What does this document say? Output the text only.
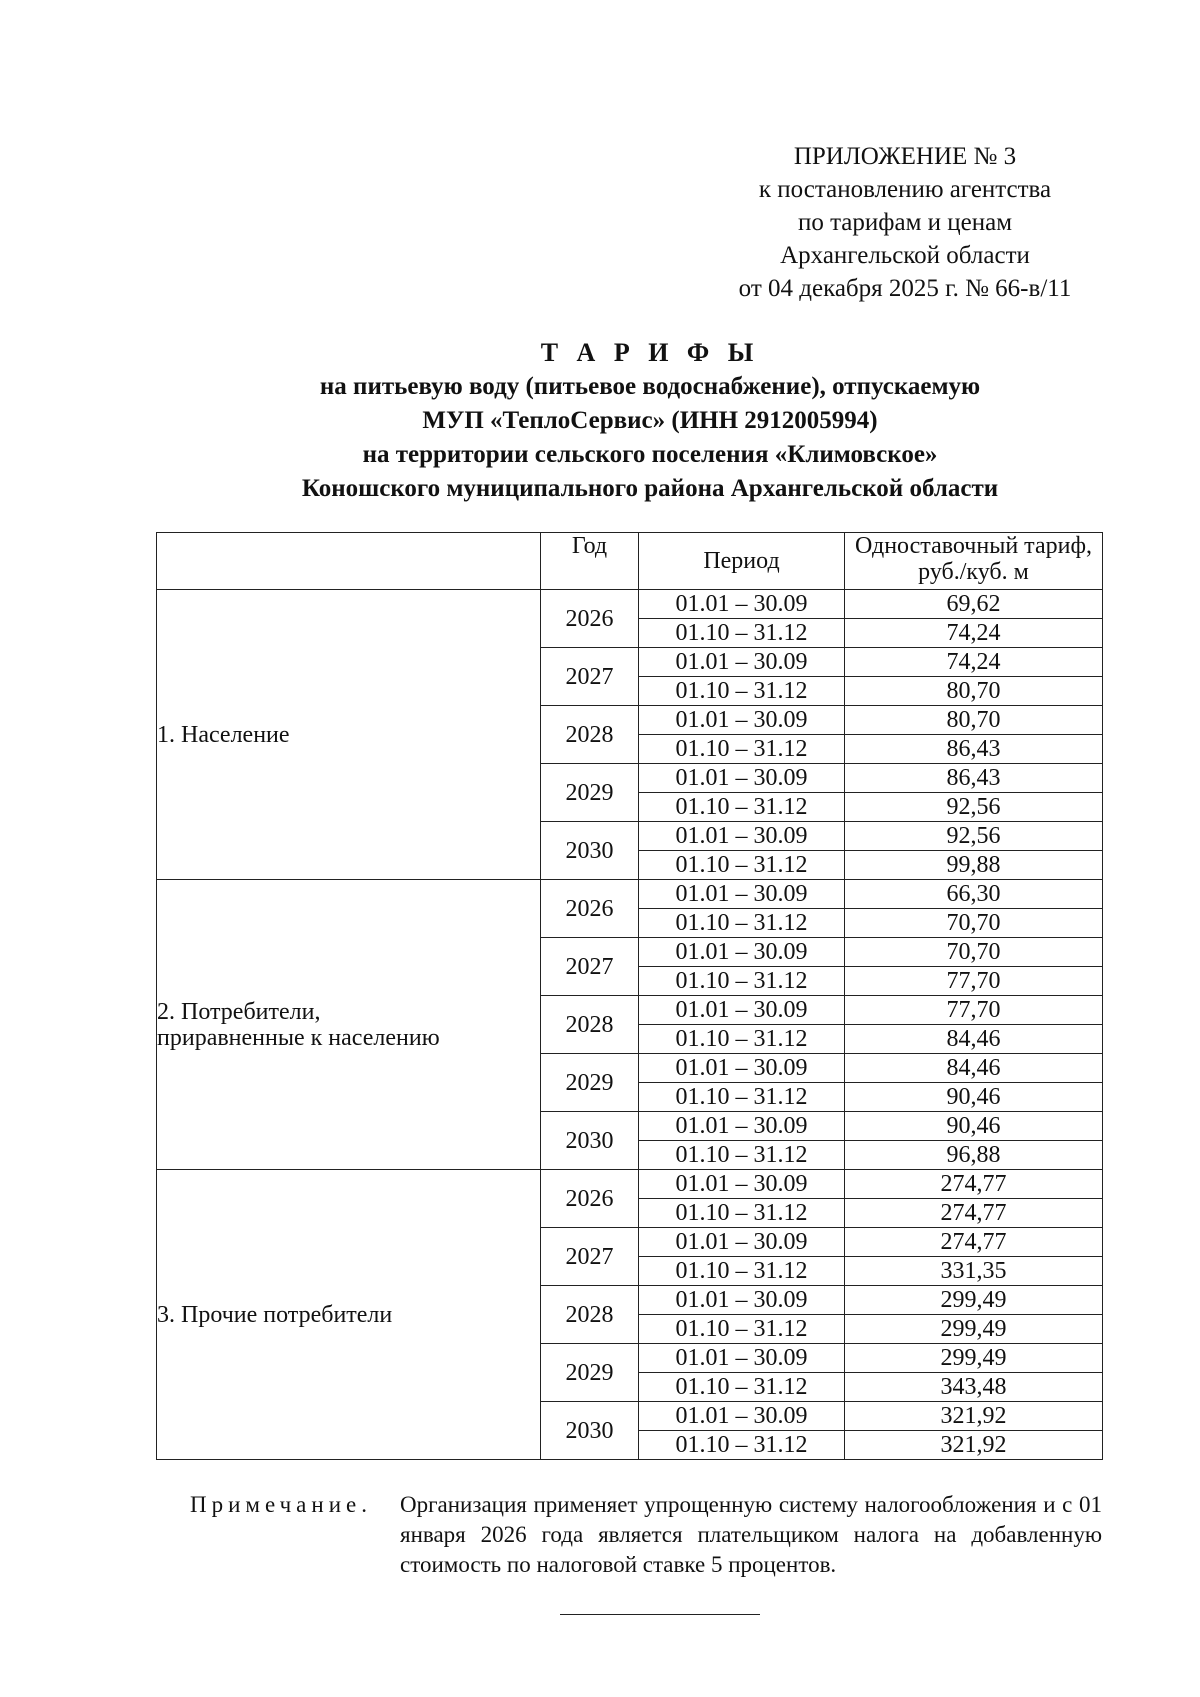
ПРИЛОЖЕНИЕ № 3
к постановлению агентства
по тарифам и ценам
Архангельской области
от 04 декабря 2025 г. № 66-в/11
Т А Р И Ф Ы
на питьевую воду (питьевое водоснабжение), отпускаемую
МУП «ТеплоСервис» (ИНН 2912005994)
на территории сельского поселения «Климовское»
Коношского муниципального района Архангельской области
	Год	Период	Одноставочный тариф,
руб./куб. м

1. Население	2026	01.01 – 30.09	69,62
		01.10 – 31.12	74,24
	2027	01.01 – 30.09	74,24
		01.10 – 31.12	80,70
	2028	01.01 – 30.09	80,70
		01.10 – 31.12	86,43
	2029	01.01 – 30.09	86,43
		01.10 – 31.12	92,56
	2030	01.01 – 30.09	92,56
		01.10 – 31.12	99,88

2. Потребители,
приравненные к населению	2026	01.01 – 30.09	66,30
		01.10 – 31.12	70,70
	2027	01.01 – 30.09	70,70
		01.10 – 31.12	77,70
	2028	01.01 – 30.09	77,70
		01.10 – 31.12	84,46
	2029	01.01 – 30.09	84,46
		01.10 – 31.12	90,46
	2030	01.01 – 30.09	90,46
		01.10 – 31.12	96,88

3. Прочие потребители	2026	01.01 – 30.09	274,77
		01.10 – 31.12	274,77
	2027	01.01 – 30.09	274,77
		01.10 – 31.12	331,35
	2028	01.01 – 30.09	299,49
		01.10 – 31.12	299,49
	2029	01.01 – 30.09	299,49
		01.10 – 31.12	343,48
	2030	01.01 – 30.09	321,92
		01.10 – 31.12	321,92
Примечание. Организация применяет упрощенную систему налогообложения и с 01 января 2026 года является плательщиком налога на добавленную стоимость по налоговой ставке 5 процентов.
